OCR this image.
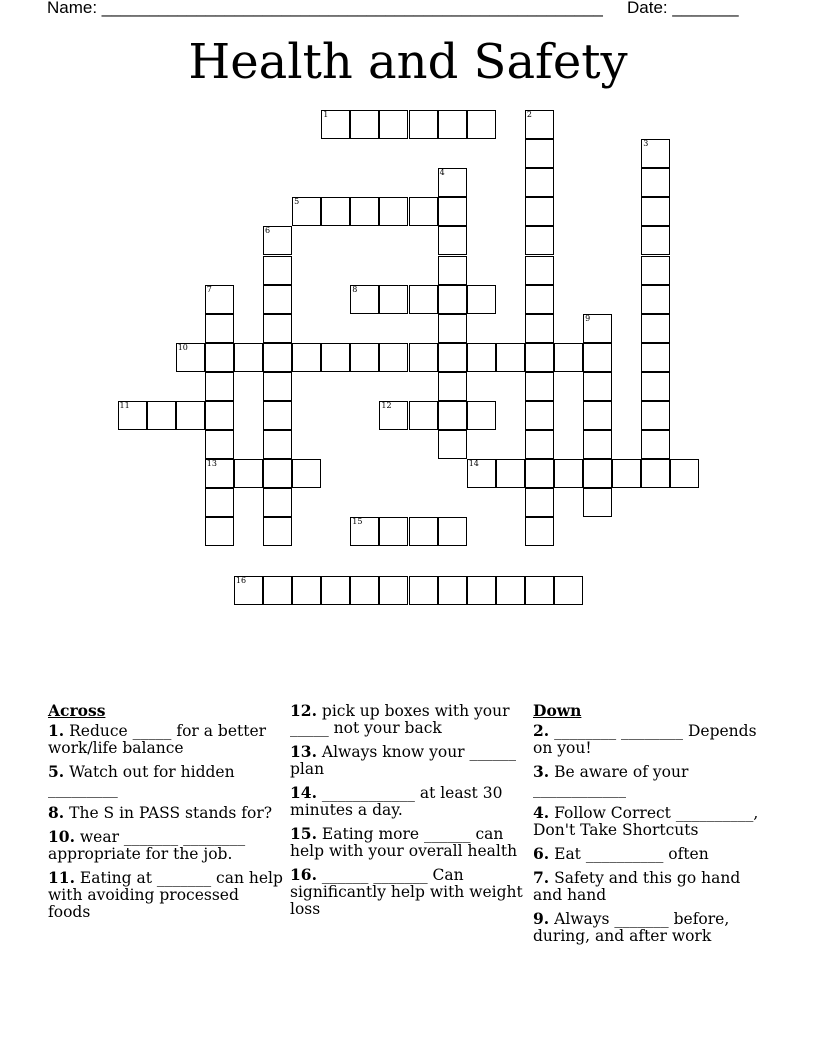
Name: _____________________________________________________ Date: _______
Health and Safety
1	2
3
4
5
6
7
13
8
9
10
11	12
14
15
16
Across
1. Reduce _____ for a better work/life balance
5. Watch out for hidden _________
8. The S in PASS stands for?
10. wear _______ ________ appropriate for the job.
11. Eating at _______ can help with avoiding processed foods
12. pick up boxes with your _____ not your back
13. Always know your ______ plan
14. ____________ at least 30 minutes a day.
15. Eating more ______ can help with your overall health
16. ______ _______ Can significantly help with weight loss
Down
2. ________ ________ Depends on you!
3. Be aware of your ____________
4. Follow Correct __________, Don't Take Shortcuts
6. Eat __________ often
7. Safety and this go hand and hand
9. Always _______ before, during, and after work
